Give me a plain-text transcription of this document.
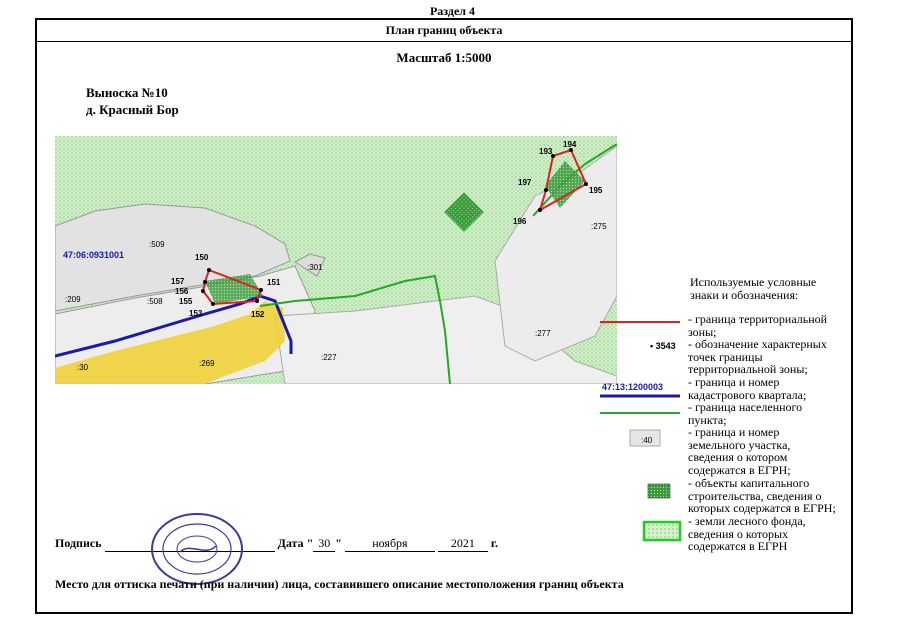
Раздел 4
План границ объекта
Масштаб 1:5000
Выноска №10
д. Красный Бор
193
194
195
196
197
150
151
152
153
155
156
157
47:06:0931001
:509
:301
:275
:209	:508
:277
:227
:30	:269
Используемые условные знаки и обозначения:
• 3543
47:13:1200003
:40
- граница территориальной зоны;
- обозначение характерных точек границы территориальной зоны;
- граница и номер кадастрового квартала;
- граница населенного пункта;
- граница и номер земельного участка, сведения о котором содержатся в ЕГРН;
- объекты капитального строительства, сведения о которых содержатся в ЕГРН;
- земли лесного фонда, сведения о которых содержатся в ЕГРН
Подпись	Дата " 30 "	ноября	2021 г.
Место для оттиска печати (при наличии) лица, составившего описание местоположения границ объекта
